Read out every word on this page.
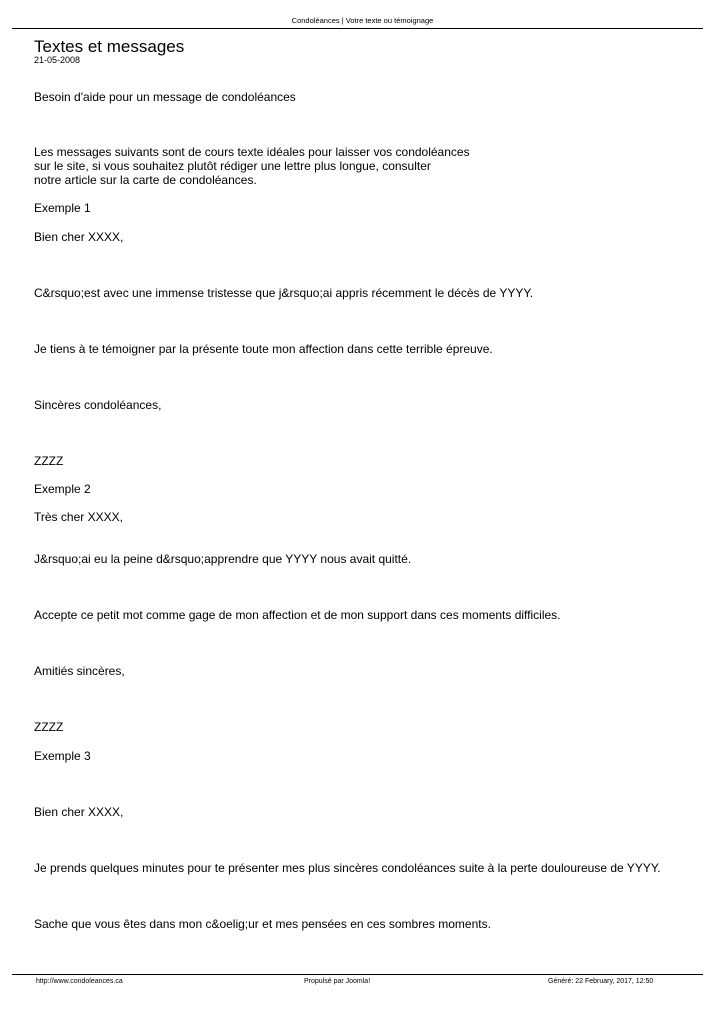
Condoléances | Votre texte ou témoignage
Textes et messages
21-05-2008
Besoin d'aide pour un message de condoléances
Les messages suivants sont de cours texte idéales pour laisser vos condoléances
sur le site, si vous souhaitez plutôt rédiger une lettre plus longue, consulter
notre article sur la carte de condoléances.
Exemple 1
Bien cher XXXX,
C&rsquo;est avec une immense tristesse que j&rsquo;ai appris récemment le décès de YYYY.
Je tiens à te témoigner par la présente toute mon affection dans cette terrible épreuve.
Sincères condoléances,
ZZZZ
Exemple 2
Très cher XXXX,
J&rsquo;ai eu la peine d&rsquo;apprendre que YYYY nous avait quitté.
Accepte ce petit mot comme gage de mon affection et de mon support dans ces moments difficiles.
Amitiés sincères,
ZZZZ
Exemple 3
Bien cher XXXX,
Je prends quelques minutes pour te présenter mes plus sincères condoléances suite à la perte douloureuse de YYYY.
Sache que vous êtes dans mon c&oelig;ur et mes pensées en ces sombres moments.
http://www.condoleances.ca	Propulsé par Joomla!	Généré: 22 February, 2017, 12:50
